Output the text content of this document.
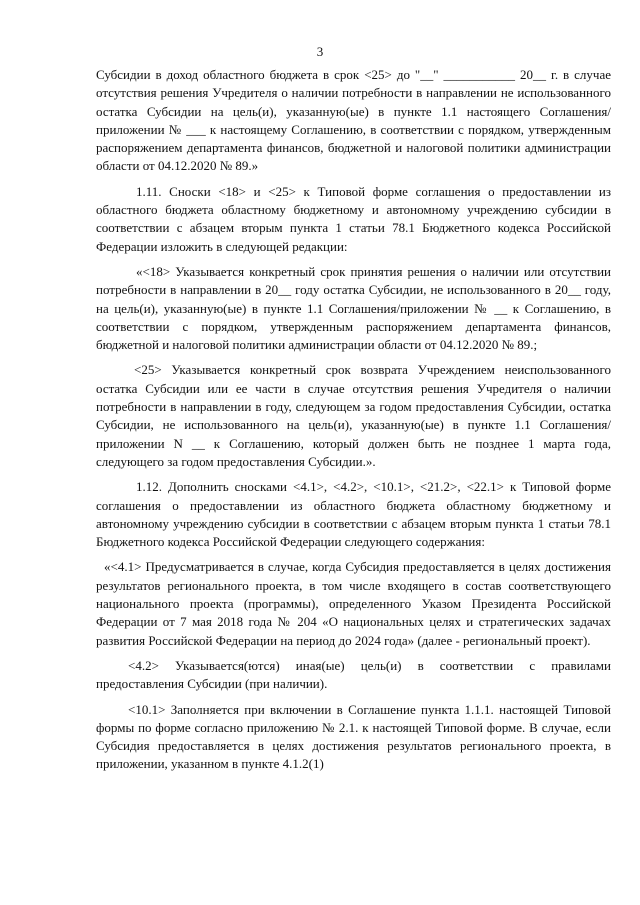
3

Субсидии в доход областного бюджета в срок <25> до "__" ___________ 20__ г. в случае отсутствия решения Учредителя о наличии потребности в направлении не использованного остатка Субсидии на цель(и), указанную(ые) в пункте 1.1 настоящего Соглашения/приложении № ___ к настоящему Соглашению, в соответствии с порядком, утвержденным распоряжением департамента финансов, бюджетной и налоговой политики администрации области от 04.12.2020 № 89.»

1.11. Сноски <18> и <25> к Типовой форме соглашения о предоставлении из областного бюджета областному бюджетному и автономному учреждению субсидии в соответствии с абзацем вторым пункта 1 статьи 78.1 Бюджетного кодекса Российской Федерации изложить в следующей редакции:

«<18> Указывается конкретный срок принятия решения о наличии или отсутствии потребности в направлении в 20__ году остатка Субсидии, не использованного в 20__ году, на цель(и), указанную(ые) в пункте 1.1 Соглашения/приложении № __ к Соглашению, в соответствии с порядком, утвержденным распоряжением департамента финансов, бюджетной и налоговой политики администрации области от 04.12.2020 № 89.;

<25> Указывается конкретный срок возврата Учреждением неиспользованного остатка Субсидии или ее части в случае отсутствия решения Учредителя о наличии потребности в направлении в году, следующем за годом предоставления Субсидии, остатка Субсидии, не использованного на цель(и), указанную(ые) в пункте 1.1 Соглашения/приложении N __ к Соглашению, который должен быть не позднее 1 марта года, следующего за годом предоставления Субсидии.».

1.12. Дополнить сносками <4.1>, <4.2>, <10.1>, <21.2>, <22.1> к Типовой форме соглашения о предоставлении из областного бюджета областному бюджетному и автономному учреждению субсидии в соответствии с абзацем вторым пункта 1 статьи 78.1 Бюджетного кодекса Российской Федерации следующего содержания:

«<4.1> Предусматривается в случае, когда Субсидия предоставляется в целях достижения результатов регионального проекта, в том числе входящего в состав соответствующего национального проекта (программы), определенного Указом Президента Российской Федерации от 7 мая 2018 года № 204 «О национальных целях и стратегических задачах развития Российской Федерации на период до 2024 года» (далее - региональный проект).

<4.2> Указывается(ются) иная(ые) цель(и) в соответствии с правилами предоставления Субсидии (при наличии).

<10.1> Заполняется при включении в Соглашение пункта 1.1.1. настоящей Типовой формы по форме согласно приложению № 2.1. к настоящей Типовой форме. В случае, если Субсидия предоставляется в целях достижения результатов регионального проекта, в приложении, указанном в пункте 4.1.2(1)
